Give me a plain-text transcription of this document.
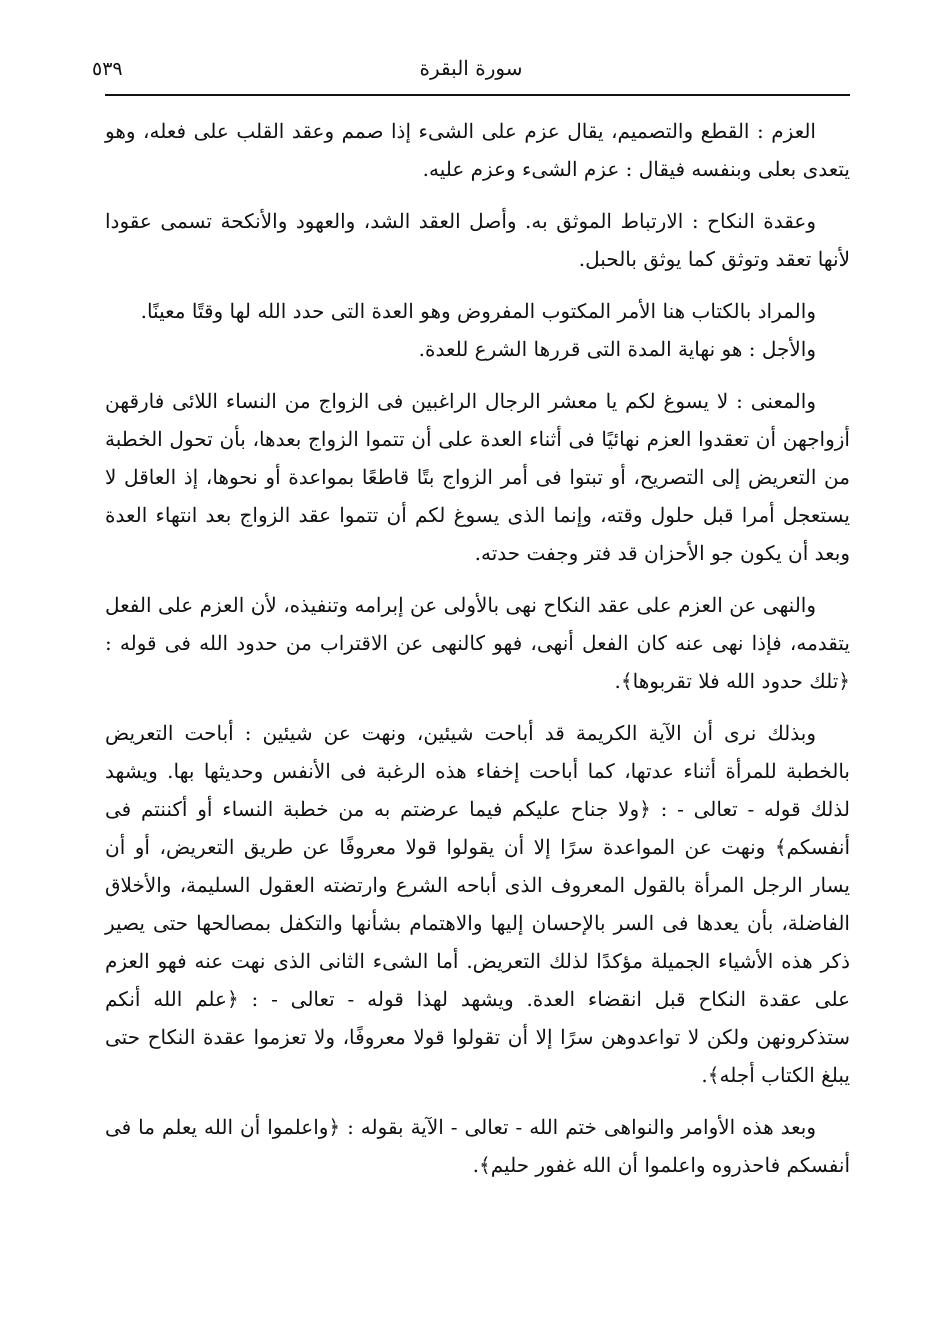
٥٣٩	سورة البقرة

العزم : القطع والتصميم، يقال عزم على الشىء إذا صمم وعقد القلب على فعله، وهو يتعدى بعلى وبنفسه فيقال : عزم الشىء وعزم عليه.

وعقدة النكاح : الارتباط الموثق به. وأصل العقد الشد، والعهود والأنكحة تسمى عقودا لأنها تعقد وتوثق كما يوثق بالحبل.

والمراد بالكتاب هنا الأمر المكتوب المفروض وهو العدة التى حدد الله لها وقتًا معينًا.

والأجل : هو نهاية المدة التى قررها الشرع للعدة.

والمعنى : لا يسوغ لكم يا معشر الرجال الراغبين فى الزواج من النساء اللائى فارقهن أزواجهن أن تعقدوا العزم نهائيًا فى أثناء العدة على أن تتموا الزواج بعدها، بأن تحول الخطبة من التعريض إلى التصريح، أو تبتوا فى أمر الزواج بتًا قاطعًا بمواعدة أو نحوها، إذ العاقل لا يستعجل أمرا قبل حلول وقته، وإنما الذى يسوغ لكم أن تتموا عقد الزواج بعد انتهاء العدة وبعد أن يكون جو الأحزان قد فتر وجفت حدته.

والنهى عن العزم على عقد النكاح نهى بالأولى عن إبرامه وتنفيذه، لأن العزم على الفعل يتقدمه، فإذا نهى عنه كان الفعل أنهى، فهو كالنهى عن الاقتراب من حدود الله فى قوله : ﴿تلك حدود الله فلا تقربوها﴾.

وبذلك نرى أن الآية الكريمة قد أباحت شيئين، ونهت عن شيئين : أباحت التعريض بالخطبة للمرأة أثناء عدتها، كما أباحت إخفاء هذه الرغبة فى الأنفس وحديثها بها. ويشهد لذلك قوله - تعالى - : ﴿ولا جناح عليكم فيما عرضتم به من خطبة النساء أو أكننتم فى أنفسكم﴾ ونهت عن المواعدة سرًا إلا أن يقولوا قولا معروفًا عن طريق التعريض، أو أن يسار الرجل المرأة بالقول المعروف الذى أباحه الشرع وارتضته العقول السليمة، والأخلاق الفاضلة، بأن يعدها فى السر بالإحسان إليها والاهتمام بشأنها والتكفل بمصالحها حتى يصير ذكر هذه الأشياء الجميلة مؤكدًا لذلك التعريض. أما الشىء الثانى الذى نهت عنه فهو العزم على عقدة النكاح قبل انقضاء العدة. ويشهد لهذا قوله - تعالى - : ﴿علم الله أنكم ستذكرونهن ولكن لا تواعدوهن سرًا إلا أن تقولوا قولا معروفًا، ولا تعزموا عقدة النكاح حتى يبلغ الكتاب أجله﴾.

وبعد هذه الأوامر والنواهى ختم الله - تعالى - الآية بقوله : ﴿واعلموا أن الله يعلم ما فى أنفسكم فاحذروه واعلموا أن الله غفور حليم﴾.
